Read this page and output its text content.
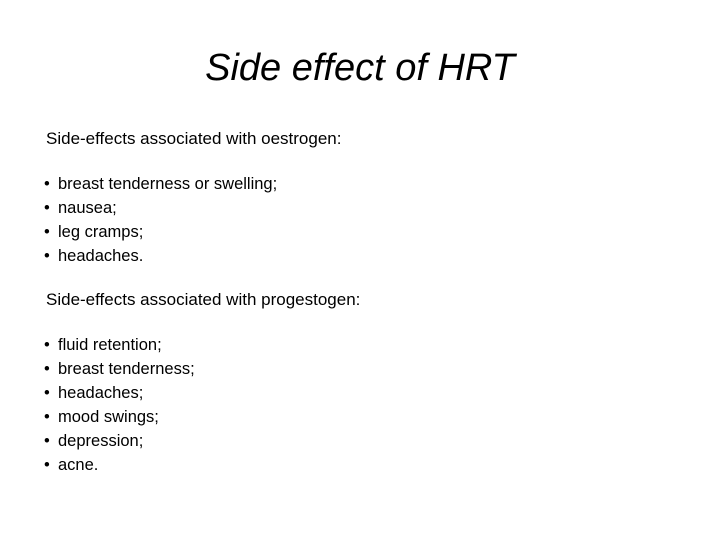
Side effect of HRT

Side-effects associated with oestrogen:

• breast tenderness or swelling;
• nausea;
• leg cramps;
• headaches.

Side-effects associated with progestogen:

• fluid retention;
• breast tenderness;
• headaches;
• mood swings;
• depression;
• acne.
